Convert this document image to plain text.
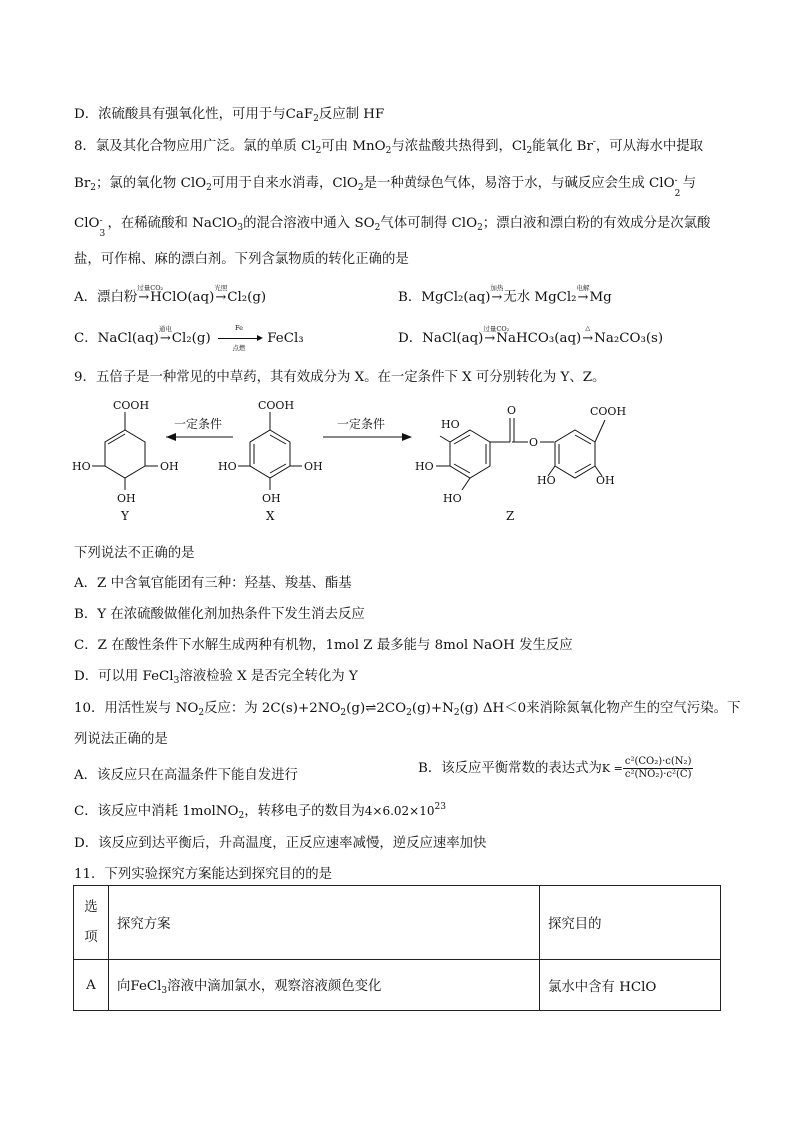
D．浓硫酸具有强氧化性，可用于与CaF$_2$反应制 HF
8．氯及其化合物应用广泛。氯的单质 $Cl_2$可由 MnO$_2$与浓盐酸共热得到，$Cl_2$能氧化 Br-，可从海水中提取
$Br_2$；氯的氧化物 ClO$_2$可用于自来水消毒，ClO$_2$是一种黄绿色气体，易溶于水，与碱反应会生成 ClO
2
- 与
ClO
3
- ，在稀硫酸和 NaClO$_3$的混合溶液中通入 $SO_2$气体可制得 ClO$_2$；漂白液和漂白粉的有效成分是次氯酸
盐，可作棉、麻的漂白剂。下列含氯物质的转化正确的是
A．漂白粉
过量CO₂
→HClO(aq)
光照
→Cl₂(g)	B．MgCl₂(aq)
加热
→无水 MgCl₂
电解
→Mg
C．NaCl(aq)
通电
→Cl₂(g)
Fe
点燃
FeCl₃	D．NaCl(aq)
过量CO₂
→NaHCO₃(aq)
△
→Na₂CO₃(s)
9．五倍子是一种常见的中草药，其有效成分为 X。在一定条件下 X 可分别转化为 Y、Z。
COOH
HO	OH
OH
一定条件
COOH
HO	OH
OH
一定条件	HO
HO
HO
O
O
COOH
HO	OH
Y	X	Z
下列说法不正确的是
A．Z 中含氧官能团有三种：羟基、羧基、酯基
B．Y 在浓硫酸做催化剂加热条件下发生消去反应
C．Z 在酸性条件下水解生成两种有机物，1mol Z 最多能与 8mol NaOH 发生反应
D．可以用 FeCl$_3$溶液检验 X 是否完全转化为 Y
10．用活性炭与 $NO_2$反应：为 $2C(s)+2NO_2(g)\rightleftharpoons 2CO_2(g)+N_2(g)$ ΔH＜0来消除氮氧化物产生的空气污染。下
列说法正确的是
A．该反应只在高温条件下能自发进行	B．该反应平衡常数的表达式为$K = \frac{\text{c²(CO₂)·c(N₂)}}{\text{c²(NO₂)·c²(C)}}$
C．该反应中消耗 1molNO$_2$，转移电子的数目为$4\times 6.02\times 10^{23}$
D．该反应到达平衡后，升高温度，正反应速率减慢，逆反应速率加快
11．下列实验探究方案能达到探究目的的是
选
项	探究方案	探究目的
A	向FeCl$_3$溶液中滴加氯水，观察溶液颜色变化	氯水中含有 HClO
